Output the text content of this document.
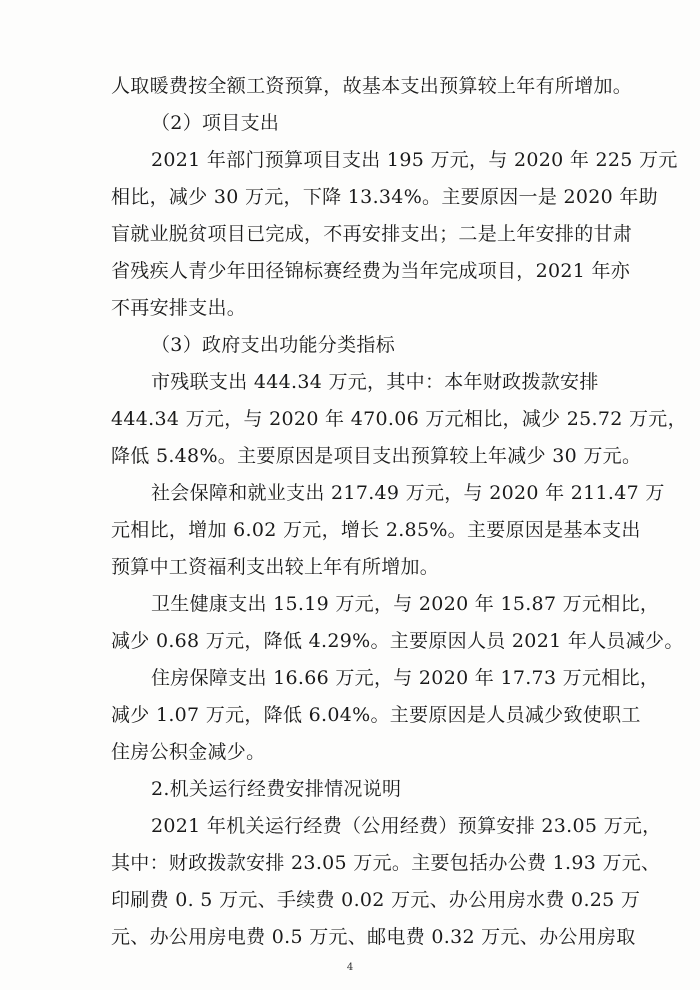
人取暖费按全额工资预算，故基本支出预算较上年有所增加。
（2）项目支出
2021 年部门预算项目支出 195 万元，与 2020 年 225 万元
相比，减少 30 万元，下降 13.34%。主要原因一是 2020 年助
盲就业脱贫项目已完成，不再安排支出；二是上年安排的甘肃
省残疾人青少年田径锦标赛经费为当年完成项目，2021 年亦
不再安排支出。
（3）政府支出功能分类指标
市残联支出 444.34 万元，其中：本年财政拨款安排
444.34 万元，与 2020 年 470.06 万元相比，减少 25.72 万元，
降低 5.48%。主要原因是项目支出预算较上年减少 30 万元。
社会保障和就业支出 217.49 万元，与 2020 年 211.47 万
元相比，增加 6.02 万元，增长 2.85%。主要原因是基本支出
预算中工资福利支出较上年有所增加。
卫生健康支出 15.19 万元，与 2020 年 15.87 万元相比，
减少 0.68 万元，降低 4.29%。主要原因人员 2021 年人员减少。
住房保障支出 16.66 万元，与 2020 年 17.73 万元相比，
减少 1.07 万元，降低 6.04%。主要原因是人员减少致使职工
住房公积金减少。
2.机关运行经费安排情况说明
2021 年机关运行经费（公用经费）预算安排 23.05 万元，
其中：财政拨款安排 23.05 万元。主要包括办公费 1.93 万元、
印刷费 0. 5 万元、手续费 0.02 万元、办公用房水费 0.25 万
元、办公用房电费 0.5 万元、邮电费 0.32 万元、办公用房取
4
